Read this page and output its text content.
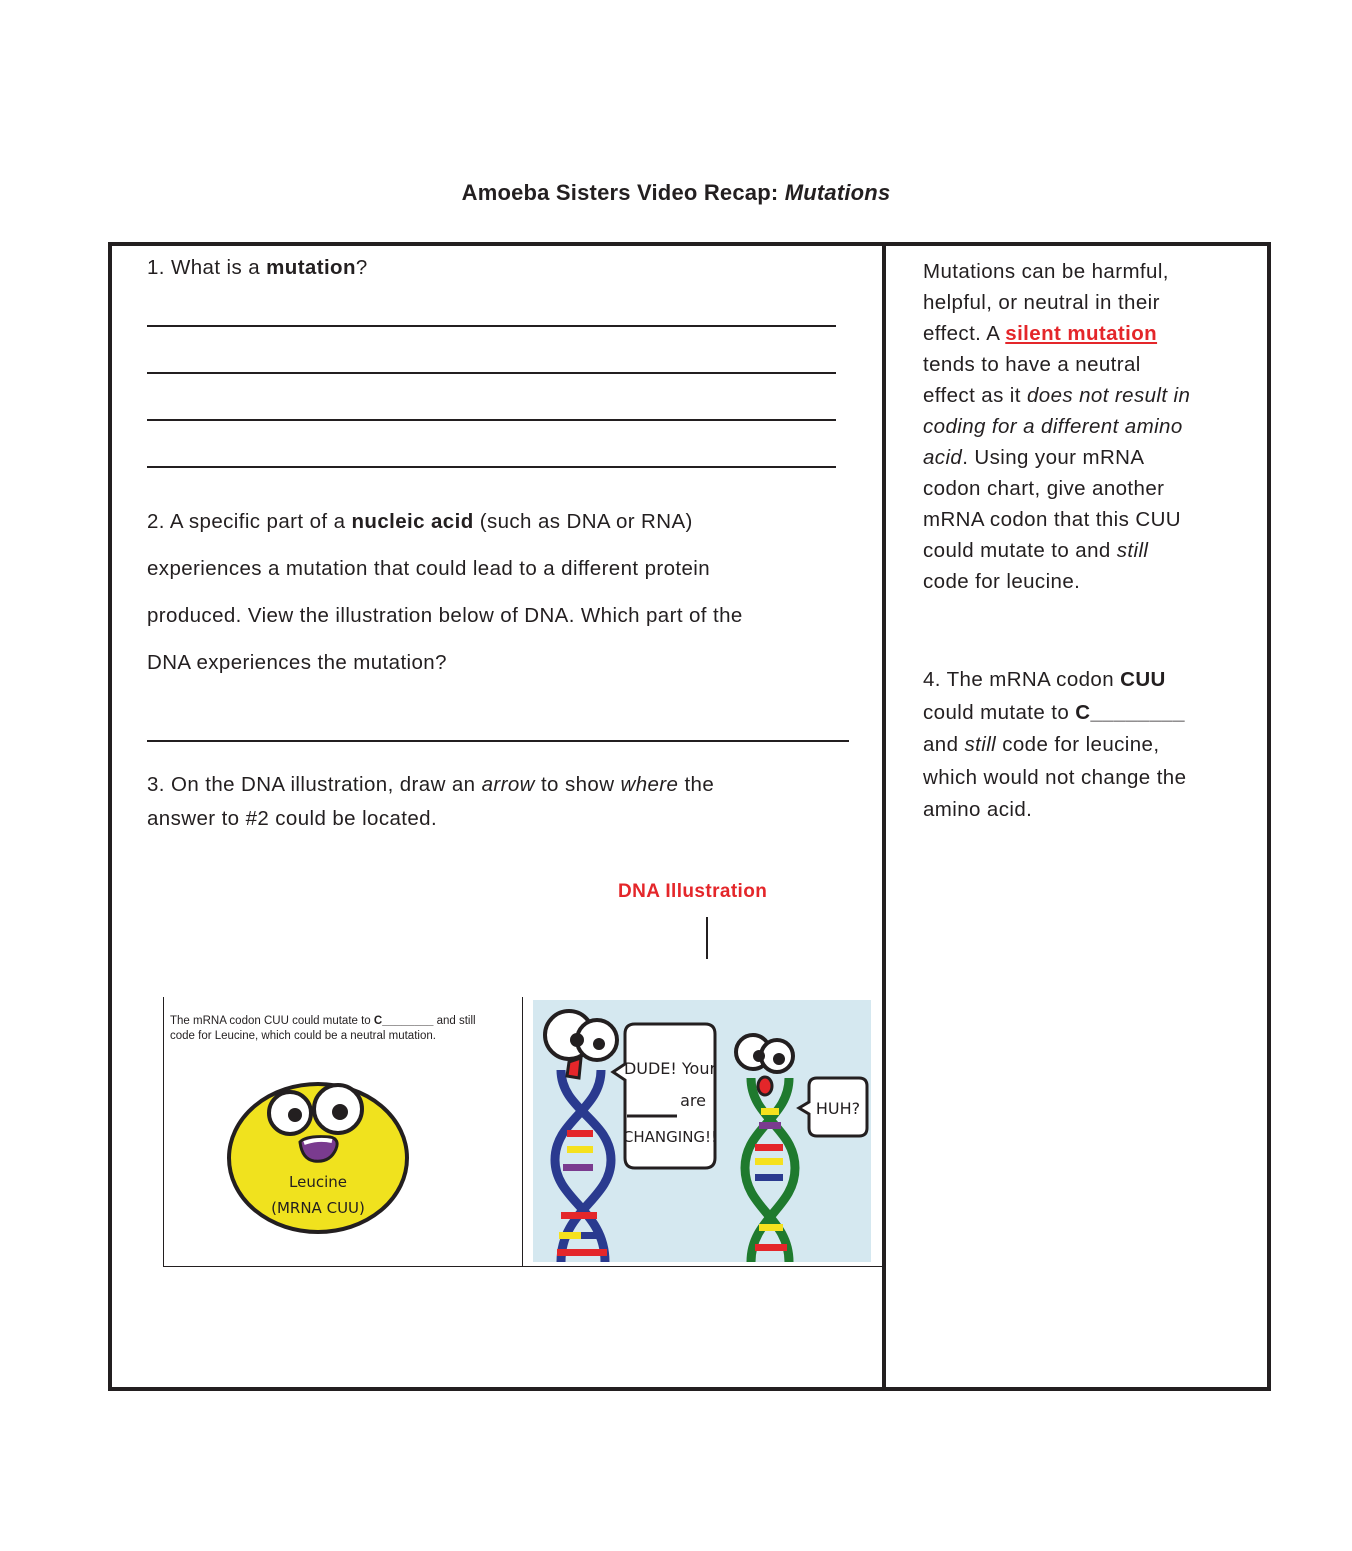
Amoeba Sisters Video Recap: Mutations
1. What is a mutation?
2. A specific part of a nucleic acid (such as DNA or RNA)
experiences a mutation that could lead to a different protein
produced. View the illustration below of DNA. Which part of the
DNA experiences the mutation?
3. On the DNA illustration, draw an arrow to show where the
answer to #2 could be located.
DNA Illustration
The mRNA codon CUU could mutate to C________ and still
code for Leucine, which could be a neutral mutation.
Leucine
(MRNA CUU)
DUDE! Your
are
CHANGING!!
HUH?
Mutations can be harmful,
helpful, or neutral in their
effect. A silent mutation
tends to have a neutral
effect as it does not result in
coding for a different amino
acid. Using your mRNA
codon chart, give another
mRNA codon that this CUU
could mutate to and still
code for leucine.
4. The mRNA codon CUU
could mutate to C________
and still code for leucine,
which would not change the
amino acid.
